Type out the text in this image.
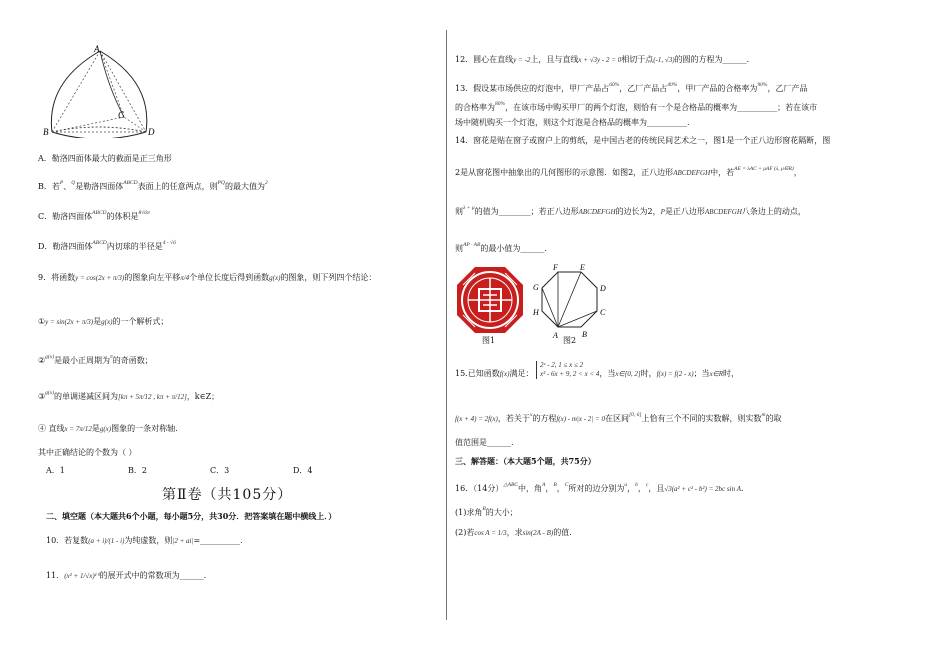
A
B
C
D
A．勒洛四面体最大的截面是正三角形
B．若$^P$、$^Q$是勒洛四面体$^{ABCD}$表面上的任意两点，则$^{PQ}$的最大值为$^2$
C．勒洛四面体$^{ABCD}$的体积是$^{8√6\pi}$
D．勒洛四面体$^{ABCD}$内切球的半径是$^{4 - √6}$
9．将函数y = cos(2x + π/3)的图象向左平移π/4个单位长度后得到函数g(x)的图象，则下列四个结论：
①y = sin(2x + π/3)是g(x)的一个解析式；
②$^{g(x)}$是最小正周期为$^\pi$的奇函数；
③$^{g(x)}$的单调递减区间为[kπ + 5π/12 , kπ + π/12]，k∈Z；
④ 直线x = 7π/12是g(x)图象的一条对称轴.
其中正确结论的个数为（ ）
A．1	B．2	C．3	D．4
第Ⅱ卷（共105分）
二、填空题（本大题共6个小题，每小题5分，共30分．把答案填在题中横线上．）
10．若复数(a + i)/(1 - i)为纯虚数，则|2 + ai|=__________.
11．(x² + 1/√x)¹⁰的展开式中的常数项为______.
12．圆心在直线y = -2上，且与直线x + √3y - 2 = 0相切于点(-1, √3)的圆的方程为______.
13．假设某市场供应的灯泡中，甲厂产品占$^{60\%}$，乙厂产品占$^{40\%}$，甲厂产品的合格率为$^{90\%}$，乙厂产品
的合格率为$^{80\%}$，在该市场中购买甲厂的两个灯泡，则恰有一个是合格品的概率为__________；若在该市
场中随机购买一个灯泡，则这个灯泡是合格品的概率为__________.
14．窗花是贴在窗子或窗户上的剪纸，是中国古老的传统民间艺术之一，图1是一个正八边形窗花隔断，图
2是从窗花图中抽象出的几何图形的示意图．如图2，正八边形ABCDEFGH中，若$^{AE = \lambda AC + \mu AF (\lambda, \mu\in R)}$，
则$^{\lambda + \mu}$的值为________；若正八边形ABCDEFGH的边长为2，P是正八边形ABCDEFGH八条边上的动点，
则$^{AP \cdot AB}$的最小值为______.
图1
A	B
C
D
E
F
G
H
图2
15.已知函数f(x)满足：
2ˣ - 2, 1 ≤ x ≤ 2
x² - 6x + 9, 2 < x < 4 ，当x∈[0, 2]时，f(x) = f(2 - x)；当x∈R时，
f(x + 4) = 2f(x)，若关于$^x$的方程f(x) - m|x - 2| = 0在区间[0, 6]上恰有三个不同的实数解，则实数$^m$的取
值范围是______.
三、解答题：（本大题5个题，共75分）
16．（14分）$^{\triangle ABC}$中，角$^A$，$^B$，$^C$所对的边分别为$^a$，$^b$，$^c$，且√3(a² + c² - b²) = 2bc sin A.
(1)求角$^B$的大小；
(2)若cos A = 1/3，求sin(2A - B)的值.
